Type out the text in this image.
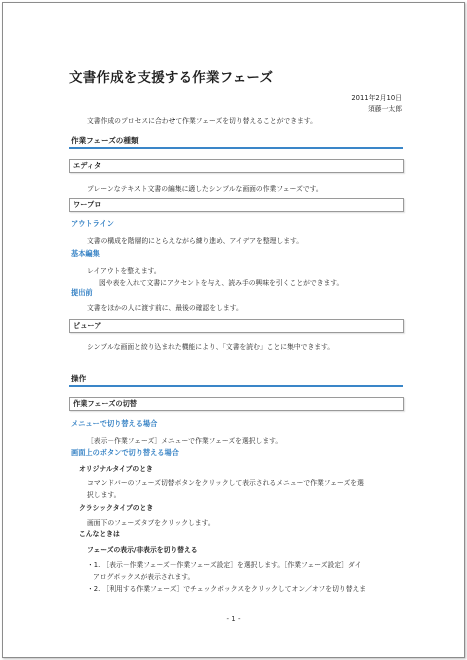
文書作成を支援する作業フェーズ
2011年2月10日
須藤一太郎
文書作成のプロセスに合わせて作業フェーズを切り替えることができます。
作業フェーズの種類
エディタ
プレーンなテキスト文書の編集に適したシンプルな画面の作業フェーズです。
ワープロ
アウトライン
文書の構成を階層的にとらえながら練り進め、アイデアを整理します。
基本編集
レイアウトを整えます。
図や表を入れて文書にアクセントを与え、読み手の興味を引くことができます。
提出前
文書をほかの人に渡す前に、最後の確認をします。
ビューア
シンプルな画面と絞り込まれた機能により、「文書を読む」ことに集中できます。
操作
作業フェーズの切替
メニューで切り替える場合
［表示－作業フェーズ］メニューで作業フェーズを選択します。
画面上のボタンで切り替える場合
オリジナルタイプのとき
コマンドバーのフェーズ切替ボタンをクリックして表示されるメニューで作業フェーズを選
択します。
クラシックタイプのとき
画面下のフェーズタブをクリックします。
こんなときは
フェーズの表示/非表示を切り替える
・1. ［表示－作業フェーズ－作業フェーズ設定］を選択します。［作業フェーズ設定］ダイ
アログボックスが表示されます。
・2. ［利用する作業フェーズ］でチェックボックスをクリックしてオン／オフを切り替えま
- 1 -
